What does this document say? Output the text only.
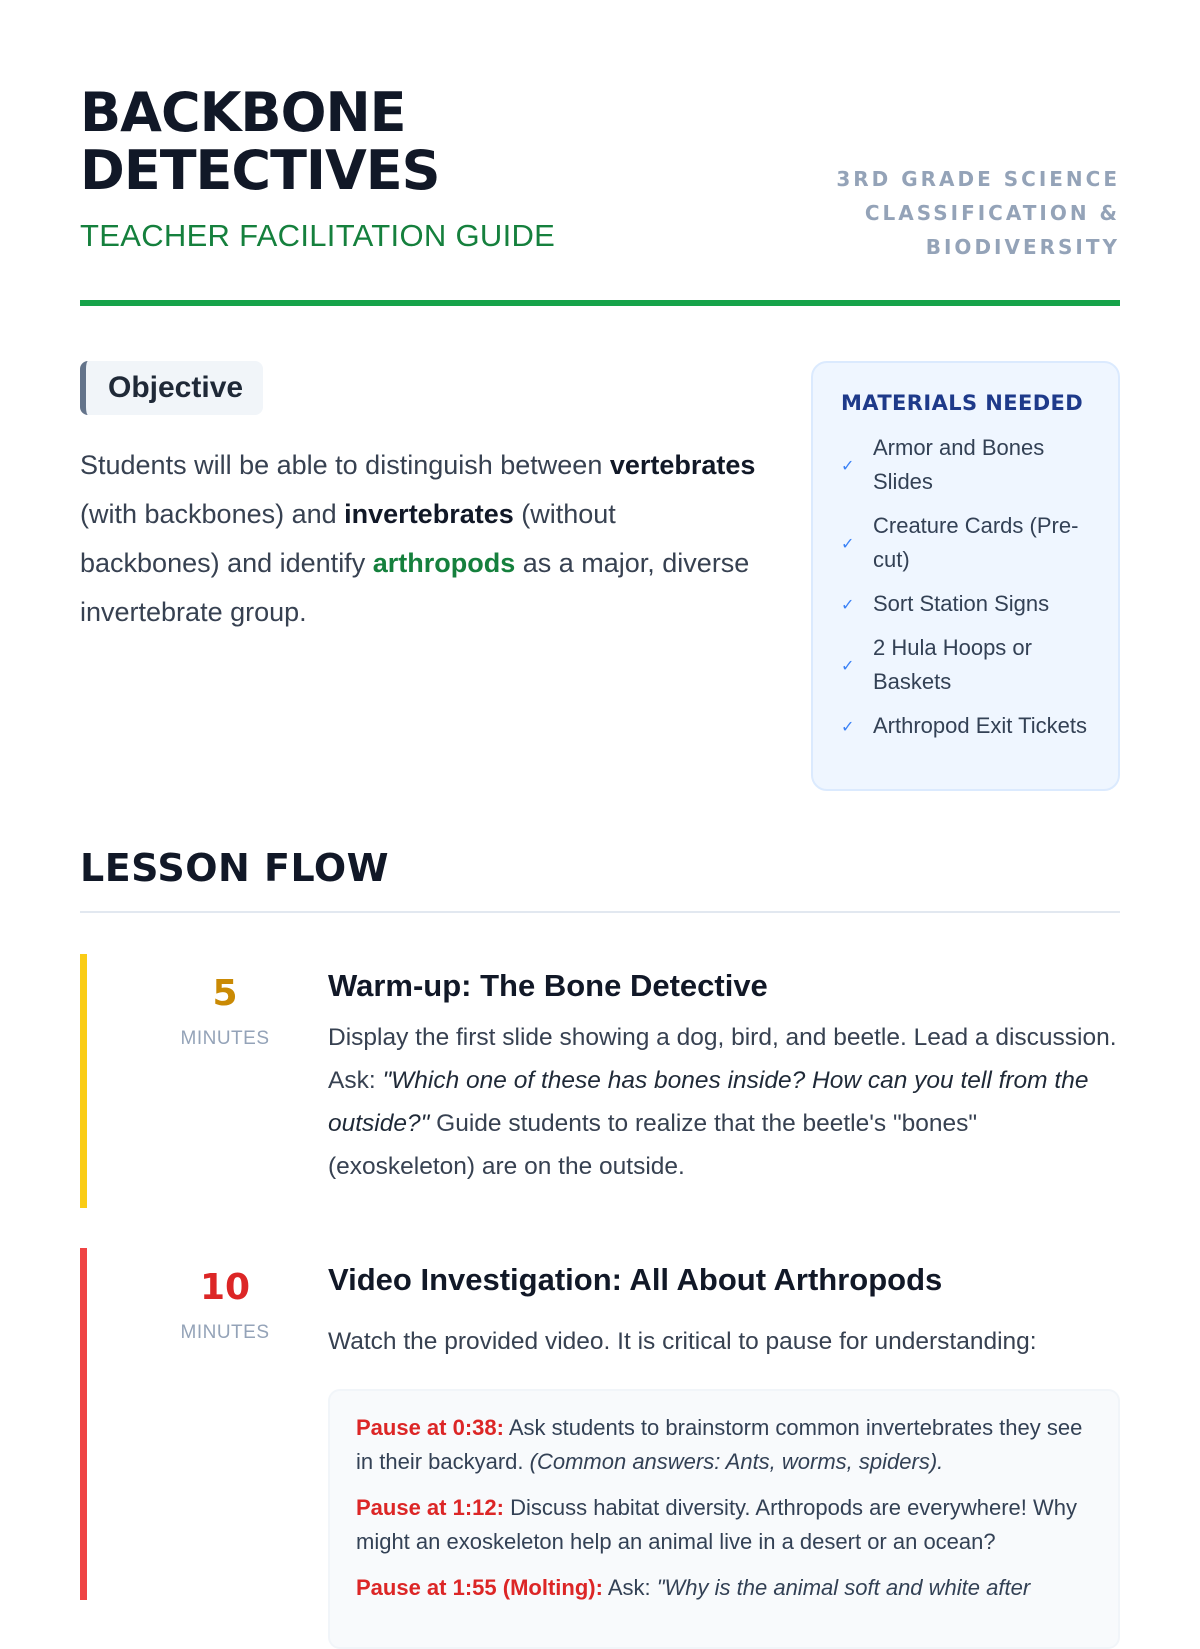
BACKBONE
DETECTIVES
TEACHER FACILITATION GUIDE
3RD GRADE SCIENCE
CLASSIFICATION &
BIODIVERSITY
Objective
Students will be able to distinguish between vertebrates (with backbones) and invertebrates (without backbones) and identify arthropods as a major, diverse invertebrate group.
MATERIALS NEEDED
✓
Armor and Bones Slides
✓
Creature Cards (Pre-cut)
✓ Sort Station Signs
✓
2 Hula Hoops or Baskets
✓ Arthropod Exit Tickets
LESSON FLOW
5
MINUTES
Warm-up: The Bone Detective
Display the first slide showing a dog, bird, and beetle. Lead a discussion. Ask: "Which one of these has bones inside? How can you tell from the outside?" Guide students to realize that the beetle's "bones" (exoskeleton) are on the outside.
10
MINUTES
Video Investigation: All About Arthropods
Watch the provided video. It is critical to pause for understanding:
Pause at 0:38: Ask students to brainstorm common invertebrates they see in their backyard. (Common answers: Ants, worms, spiders).
Pause at 1:12: Discuss habitat diversity. Arthropods are everywhere! Why might an exoskeleton help an animal live in a desert or an ocean?
Pause at 1:55 (Molting): Ask: "Why is the animal soft and white after
